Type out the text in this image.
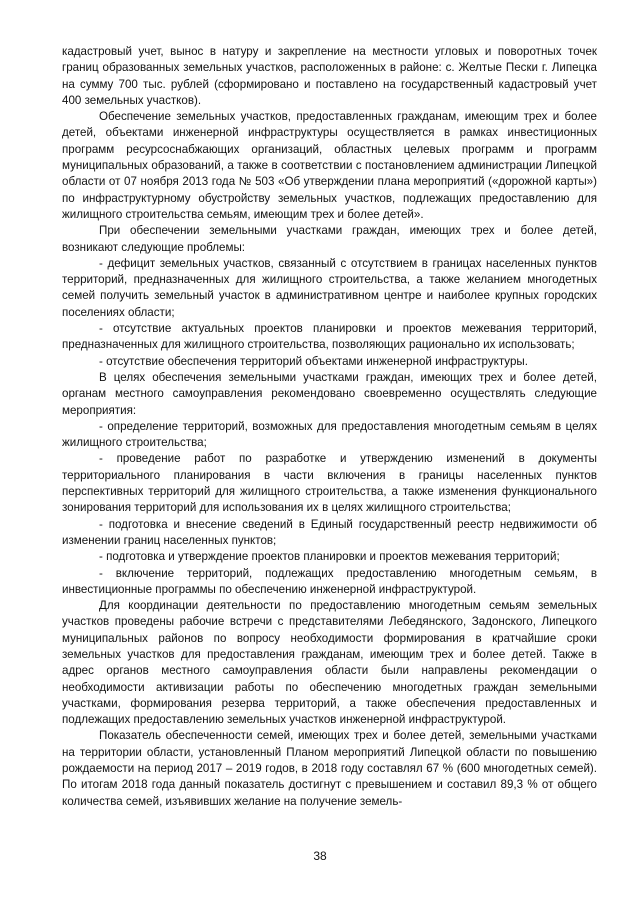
кадастровый учет, вынос в натуру и закрепление на местности угловых и поворотных точек границ образованных земельных участков, расположенных в районе: с. Желтые Пески г. Липецка на сумму 700 тыс. рублей (сформировано и поставлено на государственный кадастровый учет 400 земельных участков).

Обеспечение земельных участков, предоставленных гражданам, имеющим трех и более детей, объектами инженерной инфраструктуры осуществляется в рамках инвестиционных программ ресурсоснабжающих организаций, областных целевых программ и программ муниципальных образований, а также в соответствии с постановлением администрации Липецкой области от 07 ноября 2013 года № 503 «Об утверждении плана мероприятий («дорожной карты») по инфраструктурному обустройству земельных участков, подлежащих предоставлению для жилищного строительства семьям, имеющим трех и более детей».

При обеспечении земельными участками граждан, имеющих трех и более детей, возникают следующие проблемы:

- дефицит земельных участков, связанный с отсутствием в границах населенных пунктов территорий, предназначенных для жилищного строительства, а также желанием многодетных семей получить земельный участок в административном центре и наиболее крупных городских поселениях области;

- отсутствие актуальных проектов планировки и проектов межевания территорий, предназначенных для жилищного строительства, позволяющих рационально их использовать;

- отсутствие обеспечения территорий объектами инженерной инфраструктуры.

В целях обеспечения земельными участками граждан, имеющих трех и более детей, органам местного самоуправления рекомендовано своевременно осуществлять следующие мероприятия:

- определение территорий, возможных для предоставления многодетным семьям в целях жилищного строительства;

- проведение работ по разработке и утверждению изменений в документы территориального планирования в части включения в границы населенных пунктов перспективных территорий для жилищного строительства, а также изменения функционального зонирования территорий для использования их в целях жилищного строительства;

- подготовка и внесение сведений в Единый государственный реестр недвижимости об изменении границ населенных пунктов;

- подготовка и утверждение проектов планировки и проектов межевания территорий;

- включение территорий, подлежащих предоставлению многодетным семьям, в инвестиционные программы по обеспечению инженерной инфраструктурой.

Для координации деятельности по предоставлению многодетным семьям земельных участков проведены рабочие встречи с представителями Лебедянского, Задонского, Липецкого муниципальных районов по вопросу необходимости формирования в кратчайшие сроки земельных участков для предоставления гражданам, имеющим трех и более детей. Также в адрес органов местного самоуправления области были направлены рекомендации о необходимости активизации работы по обеспечению многодетных граждан земельными участками, формирования резерва территорий, а также обеспечения предоставленных и подлежащих предоставлению земельных участков инженерной инфраструктурой.

Показатель обеспеченности семей, имеющих трех и более детей, земельными участками на территории области, установленный Планом мероприятий Липецкой области по повышению рождаемости на период 2017 – 2019 годов, в 2018 году составлял 67 % (600 многодетных семей). По итогам 2018 года данный показатель достигнут с превышением и составил 89,3 % от общего количества семей, изъявивших желание на получение земель-

38
